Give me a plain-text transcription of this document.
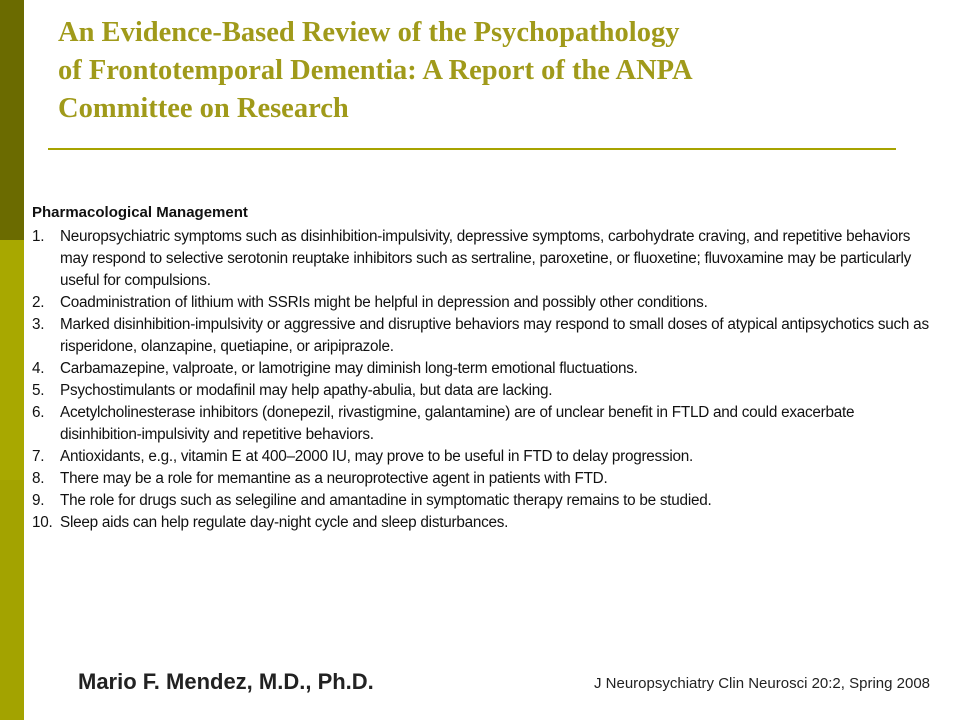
An Evidence-Based Review of the Psychopathology
of Frontotemporal Dementia: A Report of the ANPA
Committee on Research
Pharmacological Management
1.	Neuropsychiatric symptoms such as disinhibition-impulsivity, depressive symptoms, carbohydrate craving, and repetitive behaviors may respond to selective serotonin reuptake inhibitors such as sertraline, paroxetine, or fluoxetine; fluvoxamine may be particularly useful for compulsions.
2.	Coadministration of lithium with SSRIs might be helpful in depression and possibly other conditions.
3.	Marked disinhibition-impulsivity or aggressive and disruptive behaviors may respond to small doses of atypical antipsychotics such as risperidone, olanzapine, quetiapine, or aripiprazole.
4.	Carbamazepine, valproate, or lamotrigine may diminish long-term emotional fluctuations.
5.	Psychostimulants or modafinil may help apathy-abulia, but data are lacking.
6.	Acetylcholinesterase inhibitors (donepezil, rivastigmine, galantamine) are of unclear benefit in FTLD and could exacerbate disinhibition-impulsivity and repetitive behaviors.
7.	Antioxidants, e.g., vitamin E at 400–2000 IU, may prove to be useful in FTD to delay progression.
8.	There may be a role for memantine as a neuroprotective agent in patients with FTD.
9.	The role for drugs such as selegiline and amantadine in symptomatic therapy remains to be studied.
10. Sleep aids can help regulate day-night cycle and sleep disturbances.
Mario F. Mendez, M.D., Ph.D.	J Neuropsychiatry Clin Neurosci 20:2, Spring 2008
